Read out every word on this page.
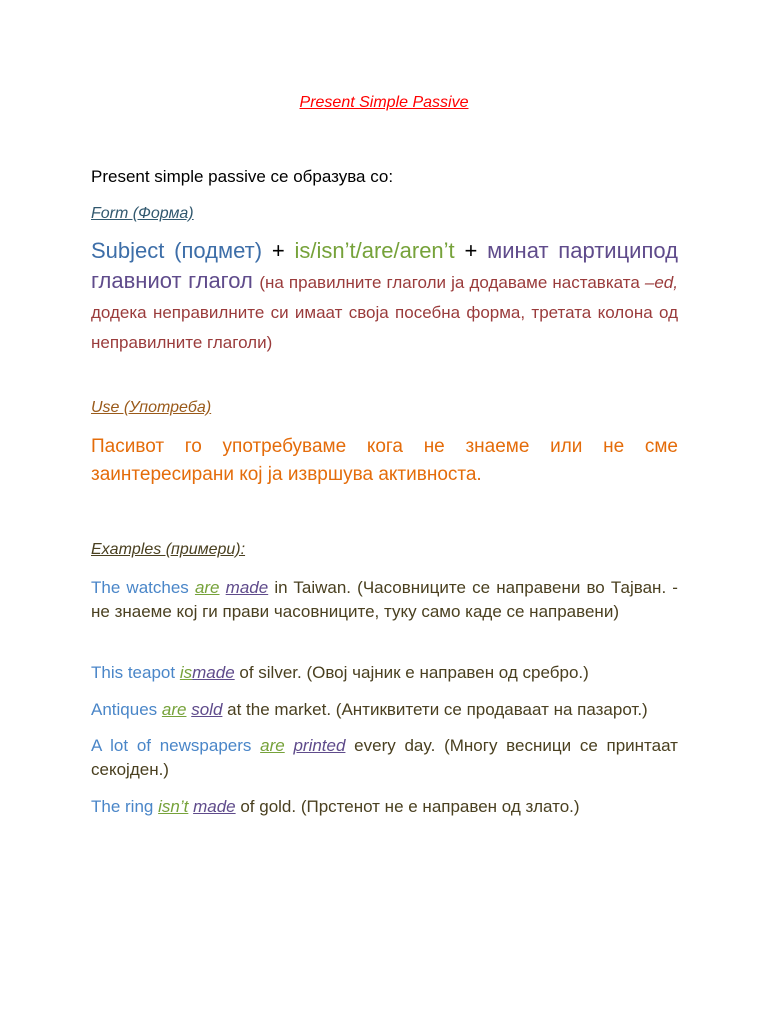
Present Simple Passive
Present simple passive се образува со:
Form (Форма)
Subject (подмет) + is/isn’t/are/aren’t + минат партиципод главниот глагол (на правилните глаголи ја додаваме наставката –ed, додека неправилните си имаат своја посебна форма, третата колона од неправилните глаголи)
Use (Употреба)
Пасивот го употребуваме кога не знаеме или не сме заинтересирани кој ја извршува активноста.
Examples (примери):
The watches are made in Taiwan. (Часовниците се направени во Тајван. - не знаеме кој ги прави часовниците, туку само каде се направени)
This teapot ismade of silver. (Овој чајник е направен од сребро.)
Antiques are sold at the market. (Антиквитети се продаваат на пазарот.)
A lot of newspapers are printed every day. (Многу весници се принтаат секојден.)
The ring isn’t made of gold. (Прстенот не е направен од злато.)
